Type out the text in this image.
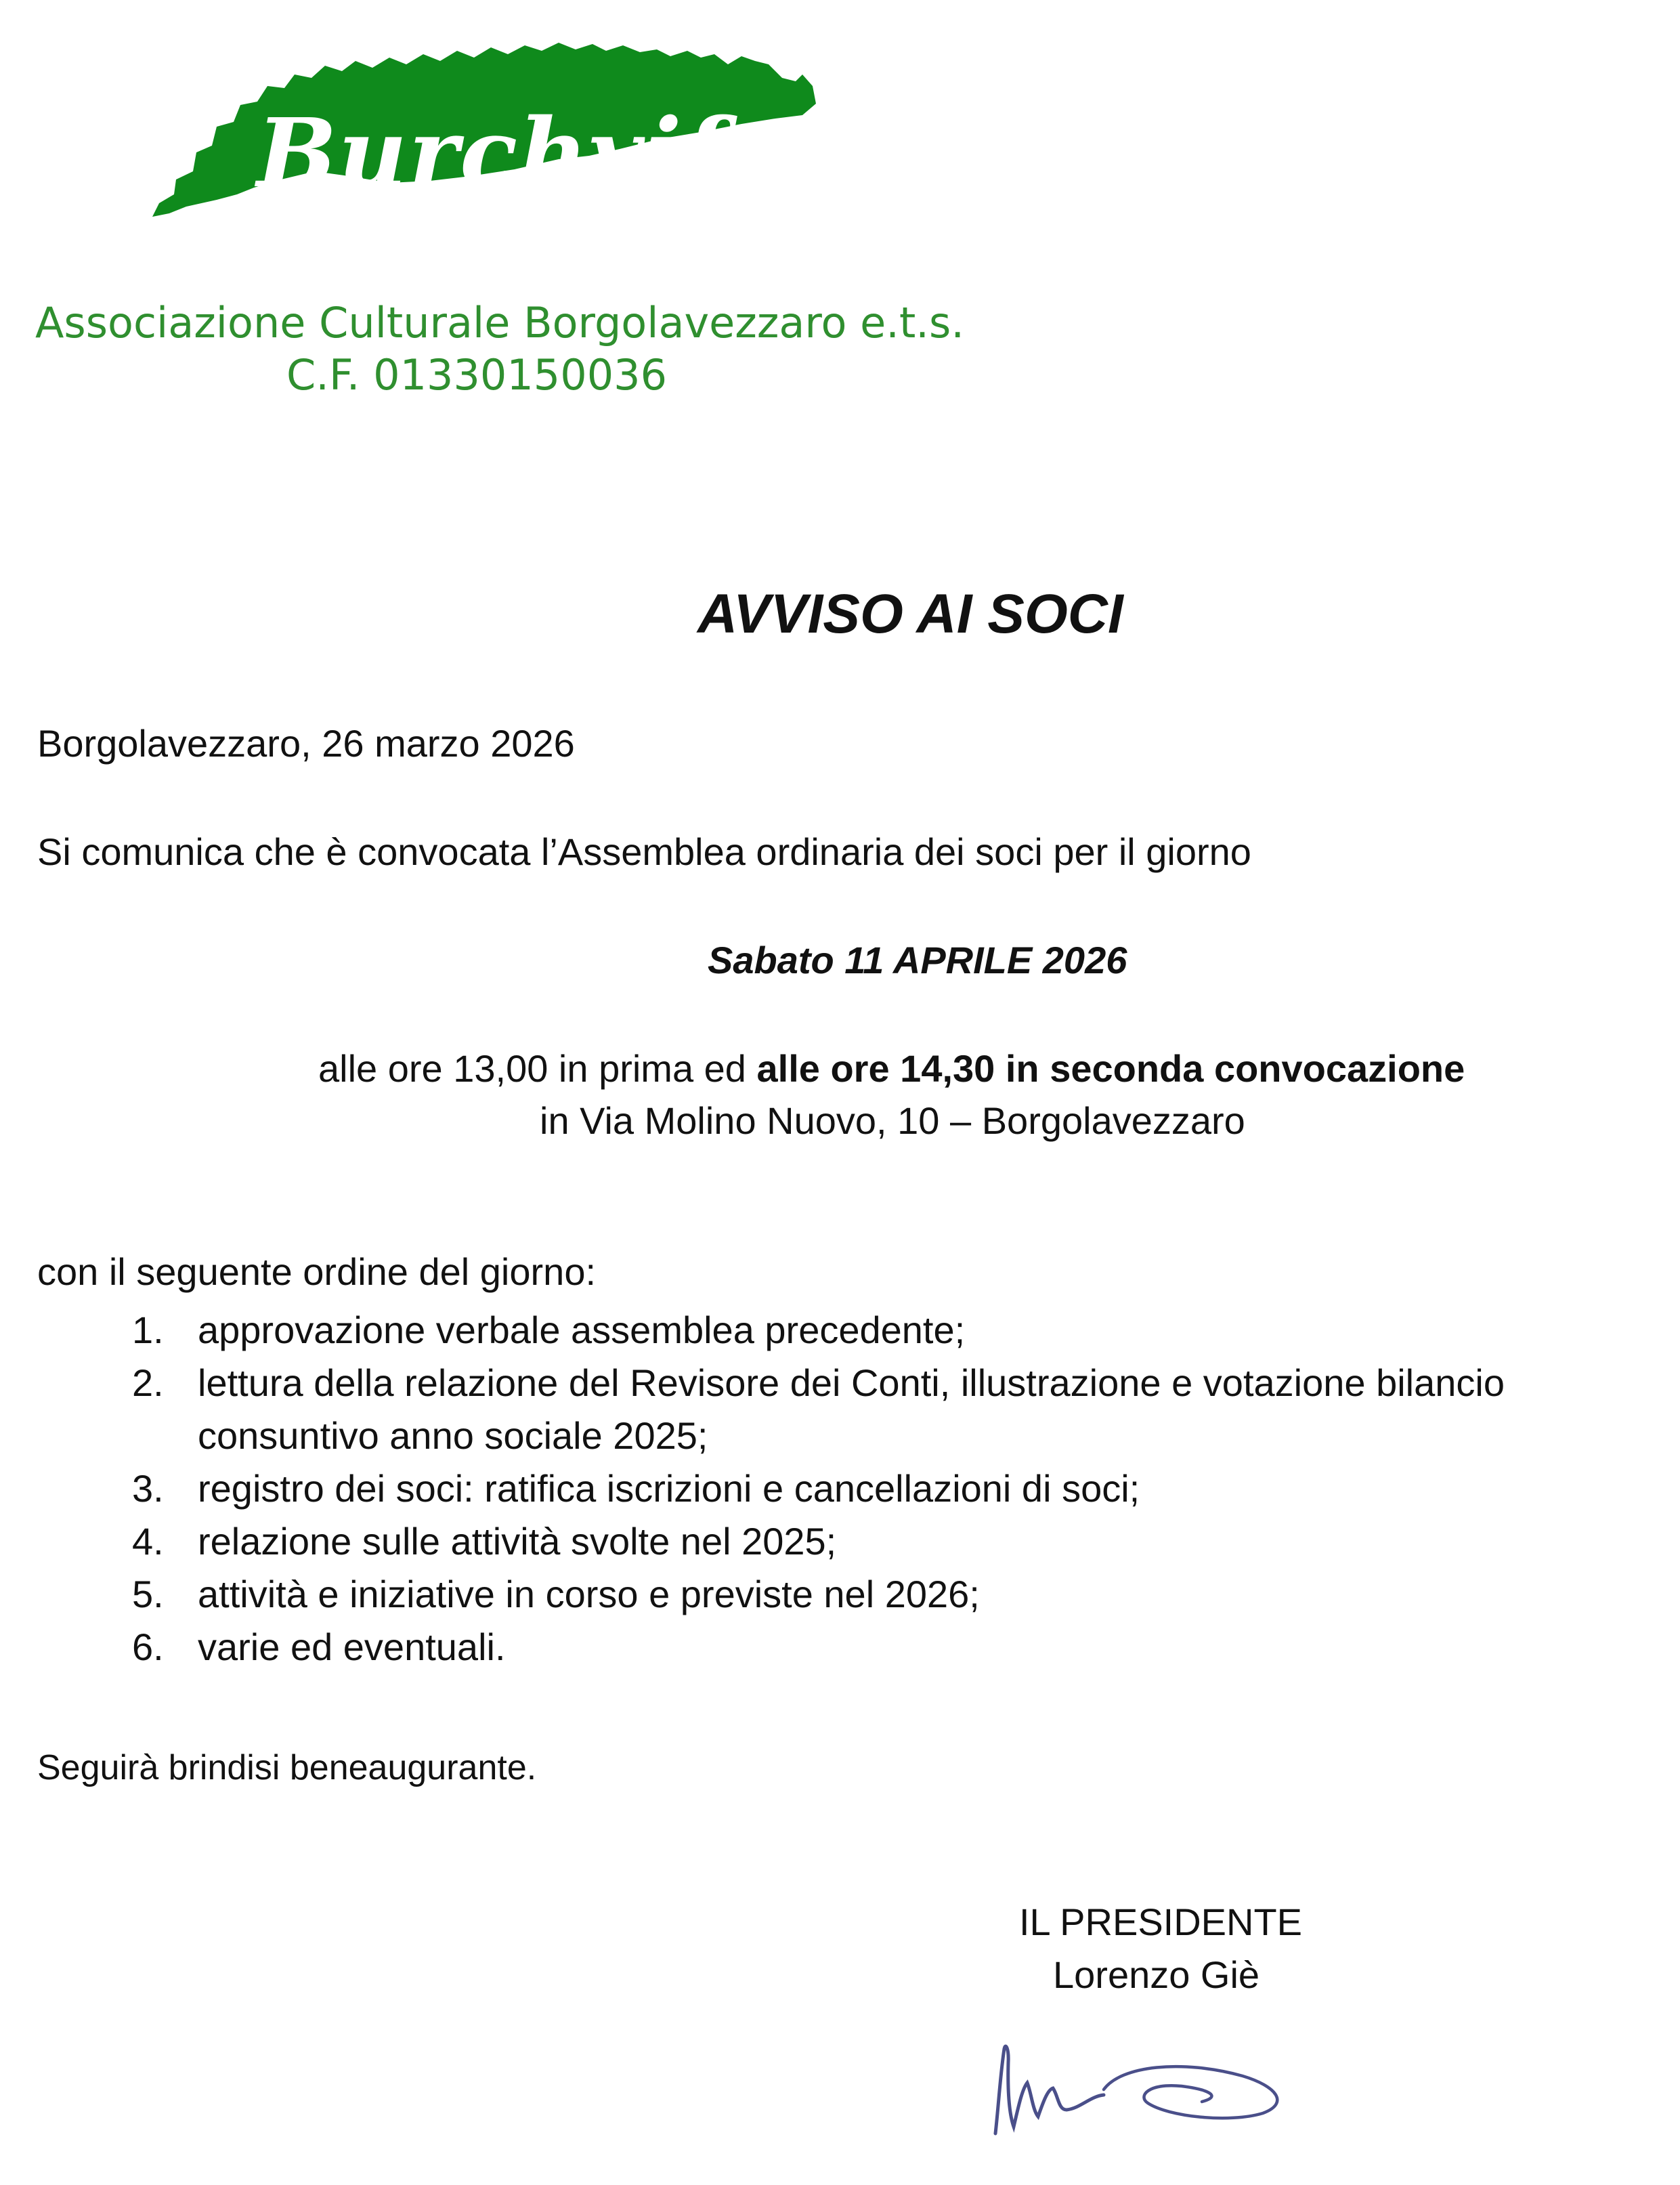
Burchvif
Associazione Culturale Borgolavezzaro e.t.s.
C.F. 01330150036
AVVISO AI SOCI
Borgolavezzaro, 26 marzo 2026
Si comunica che è convocata l’Assemblea ordinaria dei soci per il giorno
Sabato 11 APRILE 2026
alle ore 13,00 in prima ed alle ore 14,30 in seconda convocazione
in Via Molino Nuovo, 10 – Borgolavezzaro
con il seguente ordine del giorno:
1. approvazione verbale assemblea precedente;
2. lettura della relazione del Revisore dei Conti, illustrazione e votazione bilancio consuntivo anno sociale 2025;
3. registro dei soci: ratifica iscrizioni e cancellazioni di soci;
4. relazione sulle attività svolte nel 2025;
5. attività e iniziative in corso e previste nel 2026;
6. varie ed eventuali.
Seguirà brindisi beneaugurante.
IL PRESIDENTE
Lorenzo Giè
